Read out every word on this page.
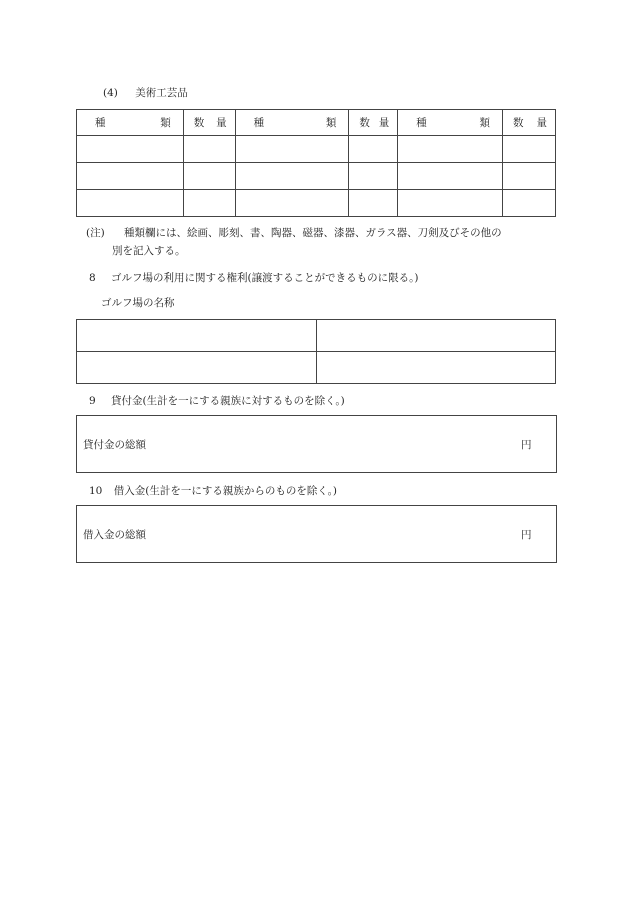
(4) 美術工芸品
種 類	数 量	種 類	数 量	種 類	数 量

(注) 種類欄には、絵画、彫刻、書、陶器、磁器、漆器、ガラス器、刀剣及びその他の
別を記入する。
8 ゴルフ場の利用に関する権利(譲渡することができるものに限る。)
ゴルフ場の名称

9 貸付金(生計を一にする親族に対するものを除く。)
貸付金の総額	円
10 借入金(生計を一にする親族からのものを除く。)
借入金の総額	円
